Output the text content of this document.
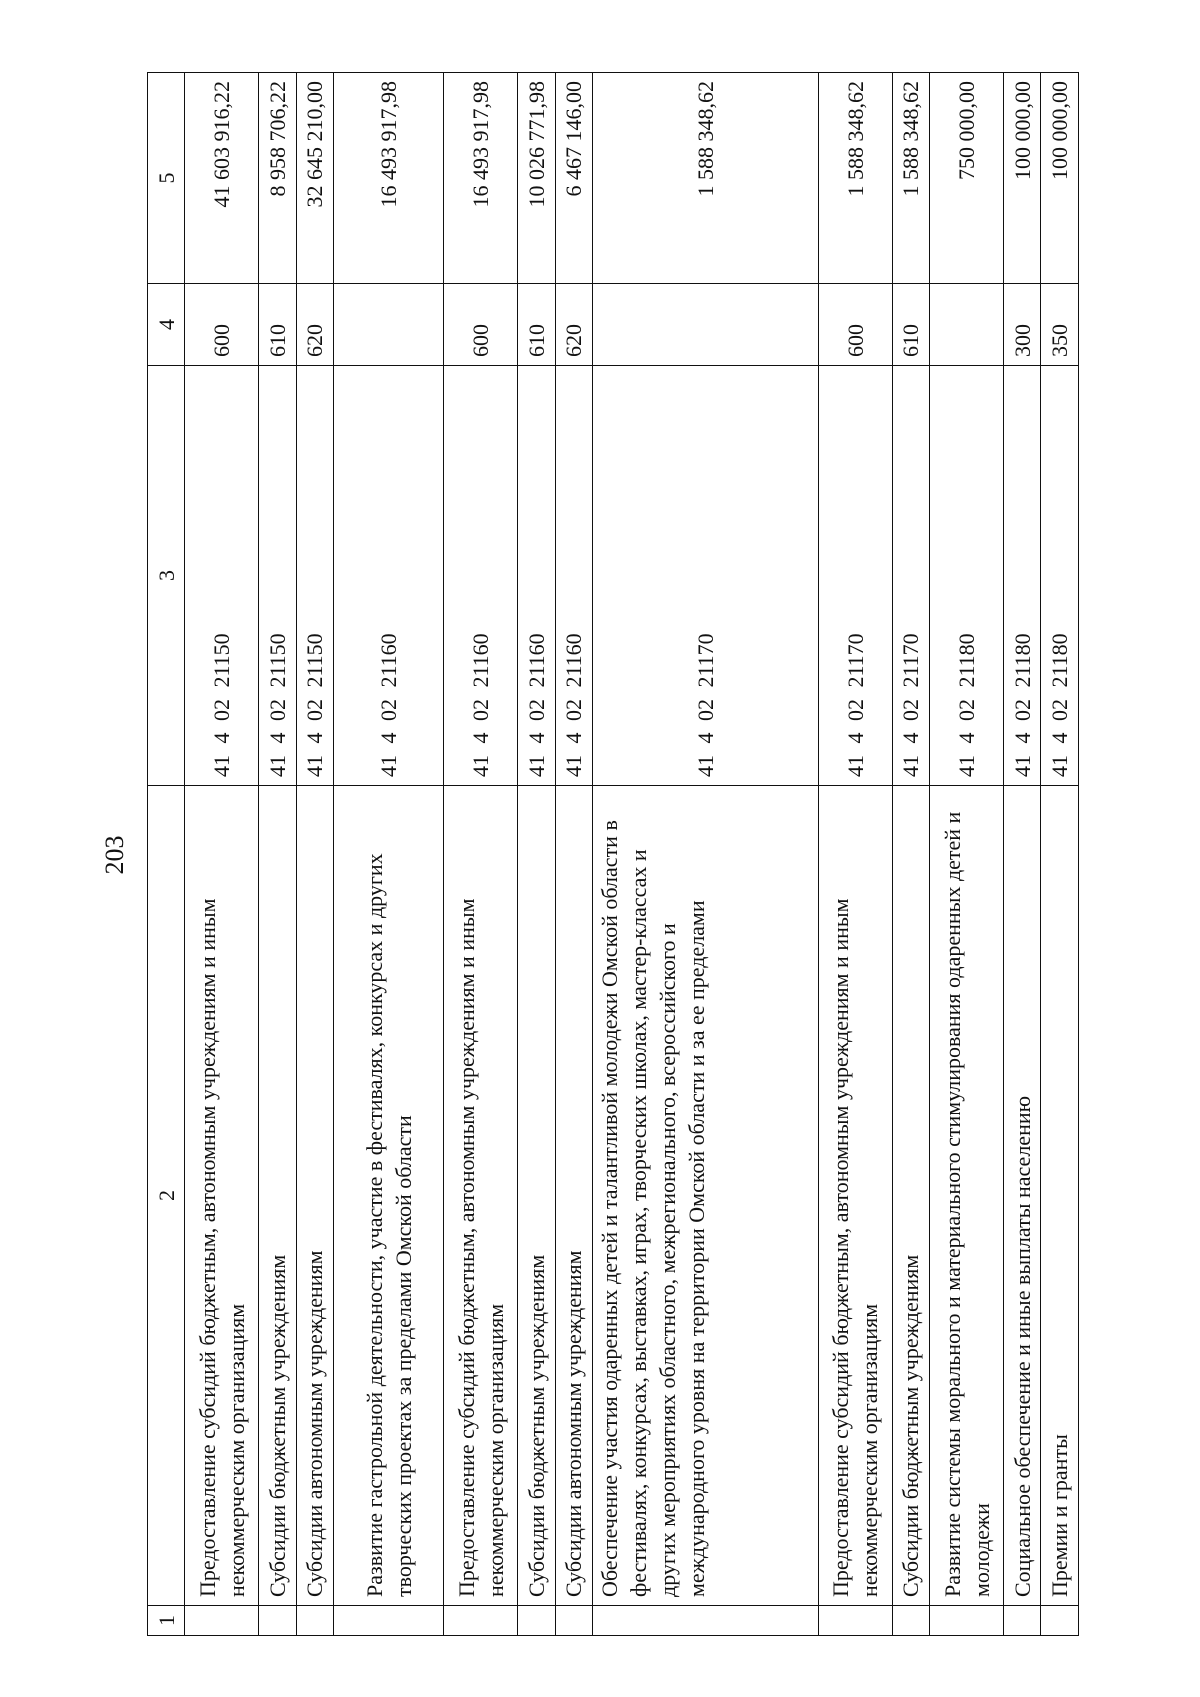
203
1	2	3	4	5
	Предоставление субсидий бюджетным, автономным учреждениям и иным некоммерческим организациям	41 4 02 21150	600	41 603 916,22
	Субсидии бюджетным учреждениям	41 4 02 21150	610	8 958 706,22
	Субсидии автономным учреждениям	41 4 02 21150	620	32 645 210,00
	Развитие гастрольной деятельности, участие в фестивалях, конкурсах и других творческих проектах за пределами Омской области	41 4 02 21160		16 493 917,98
	Предоставление субсидий бюджетным, автономным учреждениям и иным некоммерческим организациям	41 4 02 21160	600	16 493 917,98
	Субсидии бюджетным учреждениям	41 4 02 21160	610	10 026 771,98
	Субсидии автономным учреждениям	41 4 02 21160	620	6 467 146,00
	Обеспечение участия одаренных детей и талантливой молодежи Омской области в фестивалях, конкурсах, выставках, играх, творческих школах, мастер-классах и других мероприятиях областного, межрегионального, всероссийского и международного уровня на территории Омской области и за ее пределами	41 4 02 21170		1 588 348,62
	Предоставление субсидий бюджетным, автономным учреждениям и иным некоммерческим организациям	41 4 02 21170	600	1 588 348,62
	Субсидии бюджетным учреждениям	41 4 02 21170	610	1 588 348,62
	Развитие системы морального и материального стимулирования одаренных детей и молодежи	41 4 02 21180		750 000,00
	Социальное обеспечение и иные выплаты населению	41 4 02 21180	300	100 000,00
	Премии и гранты	41 4 02 21180	350	100 000,00
